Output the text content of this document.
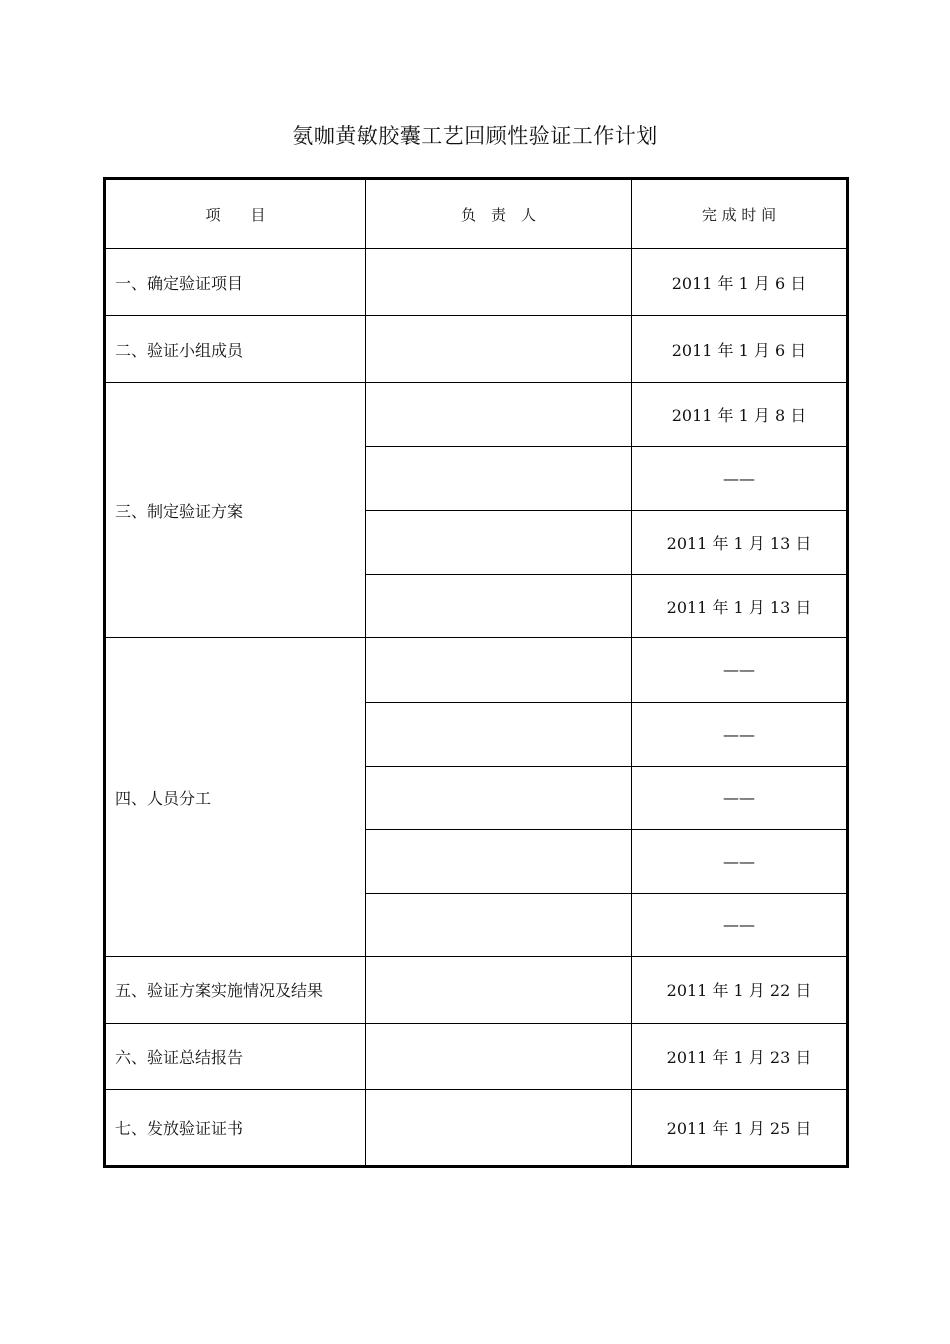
氨咖黄敏胶囊工艺回顾性验证工作计划
项　　目	负　责　人	完 成 时 间
一、确定验证项目		2011 年 1 月 6 日
二、验证小组成员		2011 年 1 月 6 日
三、制定验证方案		2011 年 1 月 8 日
		——
		2011 年 1 月 13 日
		2011 年 1 月 13 日
四、人员分工		——
		——
		——
		——
		——
五、验证方案实施情况及结果		2011 年 1 月 22 日
六、验证总结报告		2011 年 1 月 23 日
七、发放验证证书		2011 年 1 月 25 日
